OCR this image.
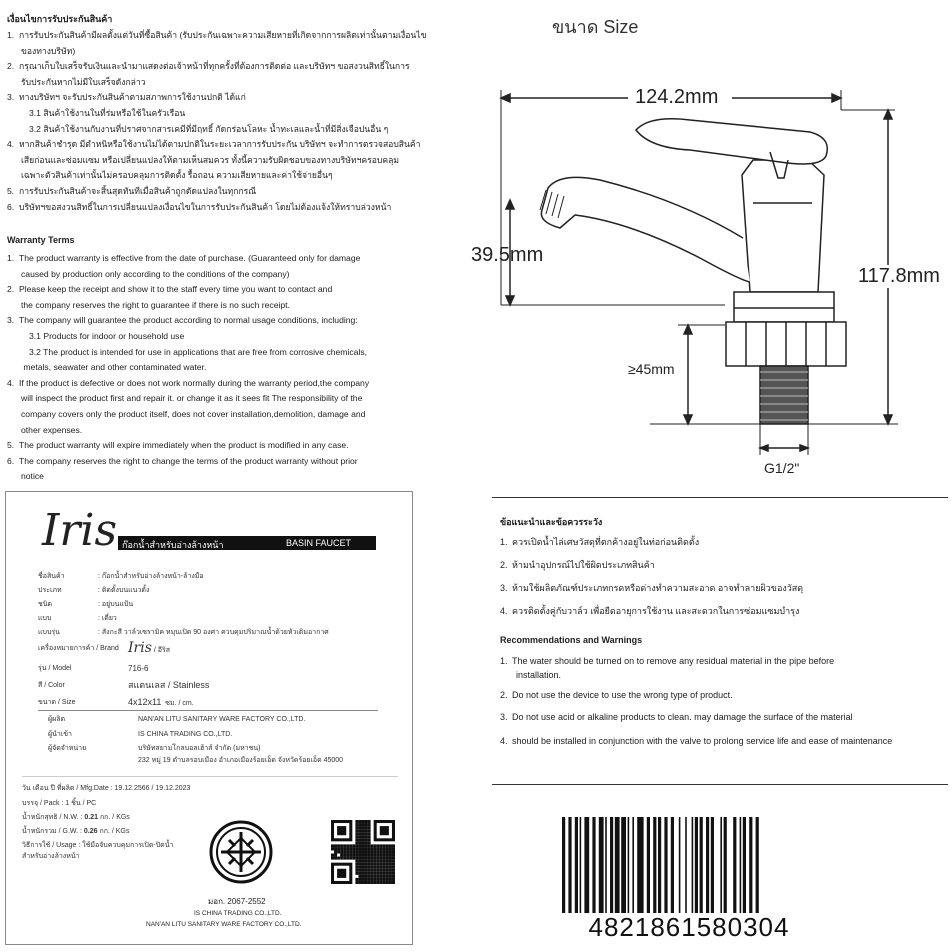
เงื่อนไขการรับประกันสินค้า
1. การรับประกันสินค้ามีผลตั้งแต่วันที่ซื้อสินค้า (รับประกันเฉพาะความเสียหายที่เกิดจากการผลิตเท่านั้นตามเงื่อนไข
ของทางบริษัท)
2. กรุณาเก็บใบเสร็จรับเงินและนำมาแสดงต่อเจ้าหน้าที่ทุกครั้งที่ต้องการติดต่อ และบริษัทฯ ขอสงวนสิทธิ์ในการ
รับประกันหากไม่มีใบเสร็จดังกล่าว
3. ทางบริษัทฯ จะรับประกันสินค้าตามสภาพการใช้งานปกติ ได้แก่
3.1 สินค้าใช้งานในที่ร่มหรือใช้ในครัวเรือน
3.2 สินค้าใช้งานกับงานที่ปราศจากสารเคมีที่มีฤทธิ์ กัดกร่อนโลหะ น้ำทะเลและน้ำที่มีสิ่งเจือปนอื่น ๆ
4. หากสินค้าชำรุด มีตำหนิหรือใช้งานไม่ได้ตามปกติในระยะเวลาการรับประกัน บริษัทฯ จะทำการตรวจสอบสินค้า
เสียก่อนและซ่อมแซม หรือเปลี่ยนแปลงให้ตามเห็นสมควร ทั้งนี้ความรับผิดชอบของทางบริษัทฯครอบคลุม
เฉพาะตัวสินค้าเท่านั้นไม่ครอบคลุมการติดตั้ง รื้อถอน ความเสียหายและค่าใช้จ่ายอื่นๆ
5. การรับประกันสินค้าจะสิ้นสุดทันทีเมื่อสินค้าถูกดัดแปลงในทุกกรณี
6. บริษัทฯขอสงวนสิทธิ์ในการเปลี่ยนแปลงเงื่อนไขในการรับประกันสินค้า โดยไม่ต้องแจ้งให้ทราบล่วงหน้า
Warranty Terms
1. The product warranty is effective from the date of purchase. (Guaranteed only for damage
caused by production only according to the conditions of the company)
2. Please keep the receipt and show it to the staff every time you want to contact and
the company reserves the right to guarantee if there is no such receipt.
3. The company will guarantee the product according to normal usage conditions, including:
3.1 Products for indoor or household use
3.2 The product is intended for use in applications that are free from corrosive chemicals,
metals, seawater and other contaminated water.
4. If the product is defective or does not work normally during the warranty period,the company
will inspect the product first and repair it. or change it as it sees fit The responsibility of the
company covers only the product itself, does not cover installation,demolition, damage and
other expenses.
5. The product warranty will expire immediately when the product is modified in any case.
6. The company reserves the right to change the terms of the product warranty without prior
notice
ขนาด Size
124.2mm
39.5mm
117.8mm
≥45mm
G1/2"
Iris ก๊อกน้ำสำหรับอ่างล้างหน้า	BASIN FAUCET
ชื่อสินค้า	: ก๊อกน้ำสำหรับอ่างล้างหน้า-ล้างมือ
ประเภท	: ติดตั้งบนแนวตั้ง
ชนิด	: อยู่บนแป้น
แบบ	: เดี่ยว
แบบรุ่น	: สังกะสี วาล์วเซรามิค หมุนเปิด 90 องศา ควบคุมปริมาณน้ำด้วยหัวเติมอากาศ
เครื่องหมายการค้า / Brand Iris / อีริส
รุ่น / Model	716-6
สี / Color	สแตนเลส / Stainless
ขนาด / Size	4x12x11 ซม. / cm.
ผู้ผลิต	NAN'AN LITU SANITARY WARE FACTORY CO.,LTD.
ผู้นำเข้า	IS CHINA TRADING CO.,LTD.
ผู้จัดจำหน่าย	บริษัทสยามโกลบอลเฮ้าส์ จำกัด (มหาชน)
232 หมู่ 19 ตำบลรอบเมือง อำเภอเมืองร้อยเอ็ด จังหวัดร้อยเอ็ด 45000
วัน เดือน ปี ที่ผลิต / Mfg.Date : 19.12.2566 / 19.12.2023
บรรจุ / Pack : 1 ชิ้น / PC
น้ำหนักสุทธิ / N.W. : 0.21 กก. / KGs
น้ำหนักรวม / G.W. : 0.26 กก. / KGs
วิธีการใช้ / Usage : ใช้มือจับควบคุมการเปิด-ปิดน้ำ
สำหรับอ่างล้างหน้า
มอก. 2067-2552
IS CHINA TRADING CO.,LTD.
NAN'AN LITU SANITARY WARE FACTORY CO.,LTD.
ข้อแนะนำและข้อควรระวัง
1. ควรเปิดน้ำไล่เศษวัสดุที่ตกค้างอยู่ในท่อก่อนติดตั้ง
2. ห้ามนำอุปกรณ์ไปใช้ผิดประเภทสินค้า
3. ห้ามใช้ผลิตภัณฑ์ประเภทกรดหรือด่างทำความสะอาด อาจทำลายผิวของวัสดุ
4. ควรติดตั้งคู่กับวาล์ว เพื่อยืดอายุการใช้งาน และสะดวกในการซ่อมแซมบำรุง
Recommendations and Warnings
1. The water should be turned on to remove any residual material in the pipe before
installation.
2. Do not use the device to use the wrong type of product.
3. Do not use acid or alkaline products to clean. may damage the surface of the material
4. should be installed in conjunction with the valve to prolong service life and ease of maintenance
4821861580304
